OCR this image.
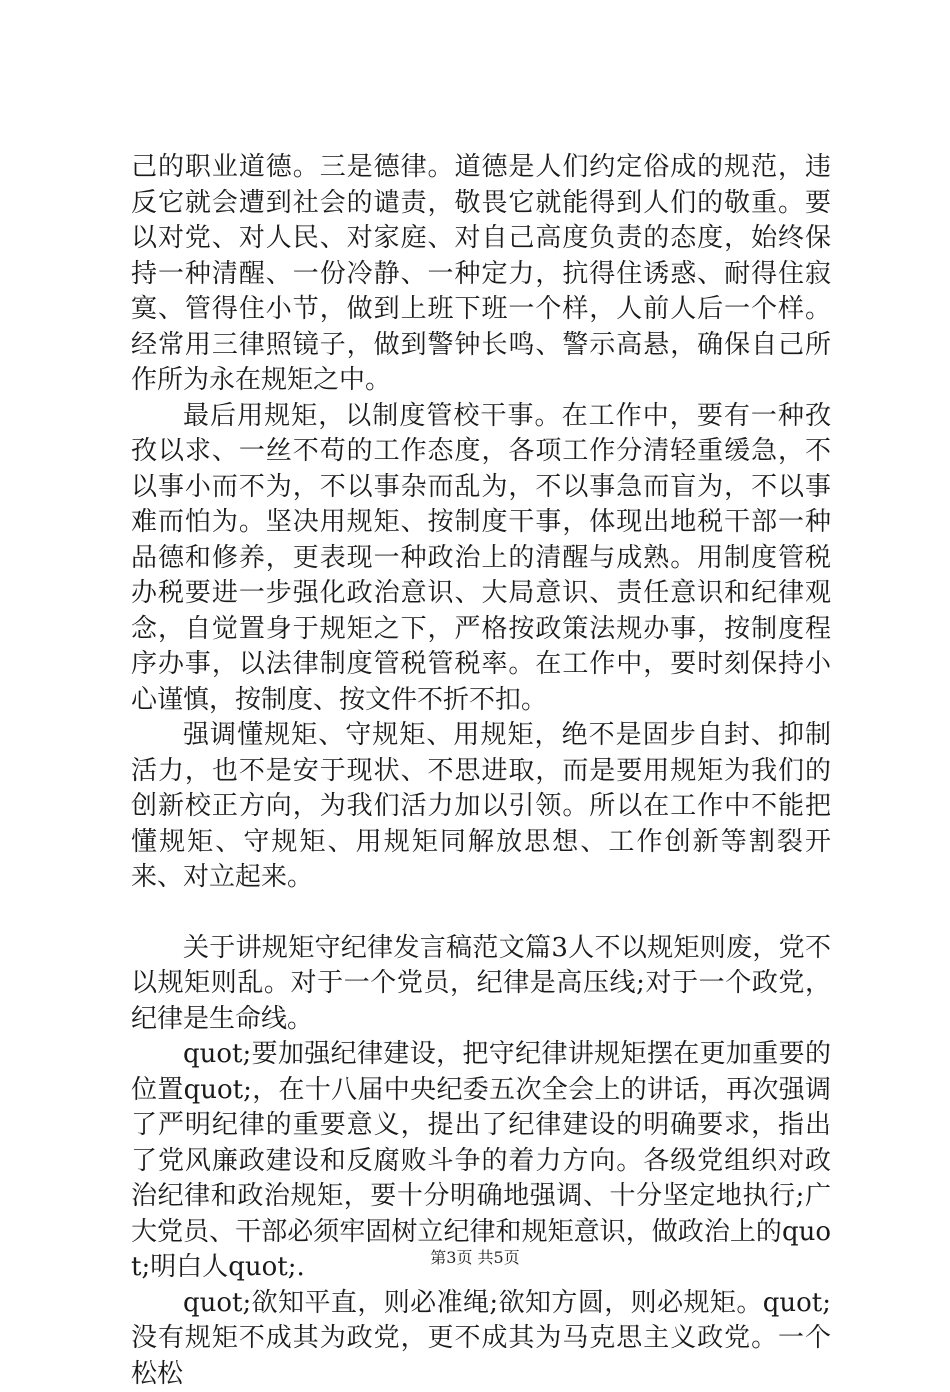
己的职业道德。三是德律。道德是人们约定俗成的规范，违反它就会遭到社会的谴责，敬畏它就能得到人们的敬重。要以对党、对人民、对家庭、对自己高度负责的态度，始终保持一种清醒、一份冷静、一种定力，抗得住诱惑、耐得住寂寞、管得住小节，做到上班下班一个样，人前人后一个样。经常用三律照镜子，做到警钟长鸣、警示高悬，确保自己所作所为永在规矩之中。

最后用规矩，以制度管校干事。在工作中，要有一种孜孜以求、一丝不苟的工作态度，各项工作分清轻重缓急，不以事小而不为，不以事杂而乱为，不以事急而盲为，不以事难而怕为。坚决用规矩、按制度干事，体现出地税干部一种品德和修养，更表现一种政治上的清醒与成熟。用制度管税办税要进一步强化政治意识、大局意识、责任意识和纪律观念，自觉置身于规矩之下，严格按政策法规办事，按制度程序办事，以法律制度管税管税率。在工作中，要时刻保持小心谨慎，按制度、按文件不折不扣。

强调懂规矩、守规矩、用规矩，绝不是固步自封、抑制活力，也不是安于现状、不思进取，而是要用规矩为我们的创新校正方向，为我们活力加以引领。所以在工作中不能把懂规矩、守规矩、用规矩同解放思想、工作创新等割裂开来、对立起来。

关于讲规矩守纪律发言稿范文篇3人不以规矩则废，党不以规矩则乱。对于一个党员，纪律是高压线;对于一个政党，纪律是生命线。

quot;要加强纪律建设，把守纪律讲规矩摆在更加重要的位置quot;，在十八届中央纪委五次全会上的讲话，再次强调了严明纪律的重要意义，提出了纪律建设的明确要求，指出了党风廉政建设和反腐败斗争的着力方向。各级党组织对政治纪律和政治规矩，要十分明确地强调、十分坚定地执行;广大党员、干部必须牢固树立纪律和规矩意识，做政治上的quot;明白人quot;.

quot;欲知平直，则必准绳;欲知方圆，则必规矩。quot;没有规矩不成其为政党，更不成其为马克思主义政党。一个松松

第3页 共5页
